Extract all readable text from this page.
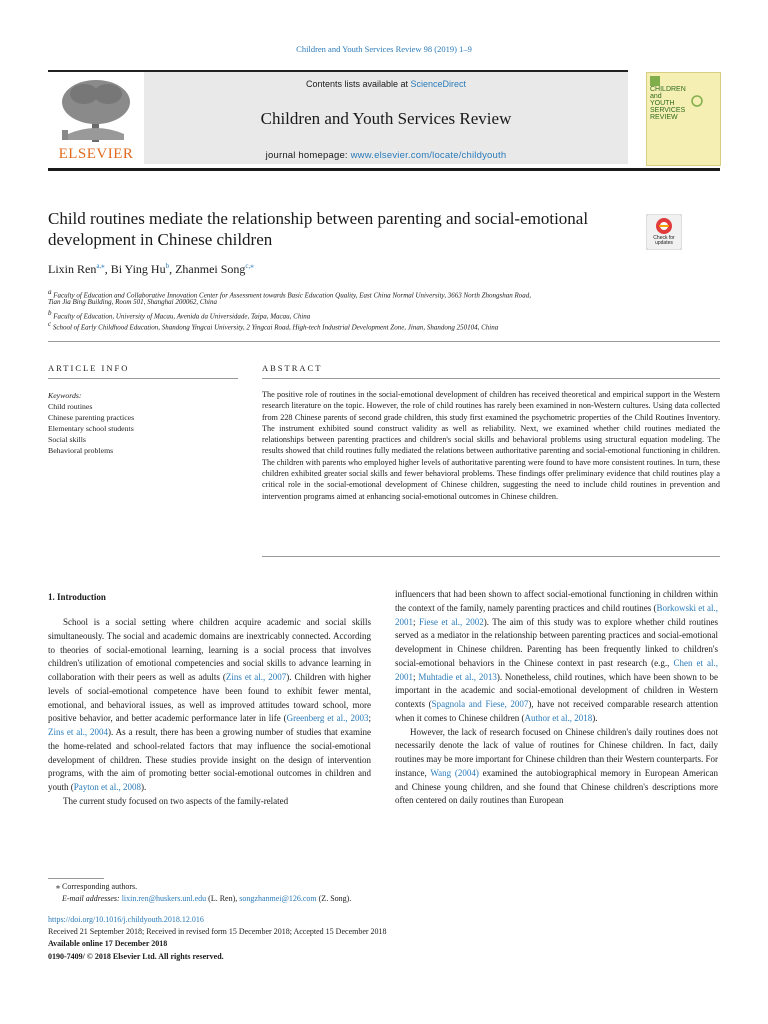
Children and Youth Services Review 98 (2019) 1–9
ELSEVIER
Contents lists available at ScienceDirect
Children and Youth Services Review
journal homepage: www.elsevier.com/locate/childyouth
CHILDREN
and
YOUTH
SERVICES
REVIEW
Child routines mediate the relationship between parenting and social-emotional development in Chinese children	Check for updates
Lixin Ren$^{a,⁎}$, Bi Ying Hu$^b$, Zhanmei Song$^{c,⁎}$
$^a$ Faculty of Education and Collaborative Innovation Center for Assessment towards Basic Education Quality, East China Normal University, 3663 North Zhongshan Road,
Tian Jia Bing Building, Room 501, Shanghai 200062, China
$^b$ Faculty of Education, University of Macau, Avenida da Universidade, Taipa, Macau, China
$^c$ School of Early Childhood Education, Shandong Yingcai University, 2 Yingcai Road, High-tech Industrial Development Zone, Jinan, Shandong 250104, China
ARTICLE INFO
Keywords:
Child routines
Chinese parenting practices
Elementary school students
Social skills
Behavioral problems
ABSTRACT
The positive role of routines in the social-emotional development of children has received theoretical and empirical support in the Western research literature on the topic. However, the role of child routines has rarely been examined in non-Western cultures. Using data collected from 228 Chinese parents of second grade children, this study first examined the psychometric properties of the Child Routines Inventory. The instrument exhibited sound construct validity as well as reliability. Next, we examined whether child routines mediated the relationships between parenting practices and children's social skills and behavioral problems using structural equation modeling. The results showed that child routines fully mediated the relations between authoritative parenting and social-emotional functioning in children. The children with parents who employed higher levels of authoritative parenting were found to have more consistent routines. In turn, these children exhibited greater social skills and fewer behavioral problems. These findings offer preliminary evidence that child routines play a critical role in the social-emotional development of Chinese children, suggesting the need to include child routines in prevention and intervention programs aimed at enhancing social-emotional outcomes in Chinese children.
1. Introduction

School is a social setting where children acquire academic and social skills simultaneously. The social and academic domains are inextricably connected. According to theories of social-emotional learning, learning is a social process that involves children's utilization of emotional competencies and social skills to advance learning in collaboration with their peers as well as adults (Zins et al., 2007). Children with higher levels of social-emotional competence have been found to exhibit fewer mental, emotional, and behavioral issues, as well as improved attitudes toward school, more positive behavior, and better academic performance later in life (Greenberg et al., 2003; Zins et al., 2004). As a result, there has been a growing number of studies that examine the home-related and school-related factors that may influence the social-emotional development of children. These studies provide insight on the design of intervention programs, with the aim of promoting better social-emotional outcomes in children and youth (Payton et al., 2008).

The current study focused on two aspects of the family-related

influencers that had been shown to affect social-emotional functioning in children within the context of the family, namely parenting practices and child routines (Borkowski et al., 2001; Fiese et al., 2002). The aim of this study was to explore whether child routines served as a mediator in the relationship between parenting practices and social-emotional development in Chinese children. Parenting has been frequently linked to children's social-emotional behaviors in the Chinese context in past research (e.g., Chen et al., 2001; Muhtadie et al., 2013). Nonetheless, child routines, which have been shown to be important in the academic and social-emotional development of children in Western contexts (Spagnola and Fiese, 2007), have not received comparable research attention when it comes to Chinese children (Author et al., 2018).

However, the lack of research focused on Chinese children's daily routines does not necessarily denote the lack of value of routines for Chinese children. In fact, daily routines may be more important for Chinese children than their Western counterparts. For instance, Wang (2004) examined the autobiographical memory in European American and Chinese young children, and she found that Chinese children's descriptions more often centered on daily routines than European

⁎ Corresponding authors.
E-mail addresses: lixin.ren@huskers.unl.edu (L. Ren), songzhanmei@126.com (Z. Song).
https://doi.org/10.1016/j.childyouth.2018.12.016
Received 21 September 2018; Received in revised form 15 December 2018; Accepted 15 December 2018
Available online 17 December 2018
0190-7409/ © 2018 Elsevier Ltd. All rights reserved.
